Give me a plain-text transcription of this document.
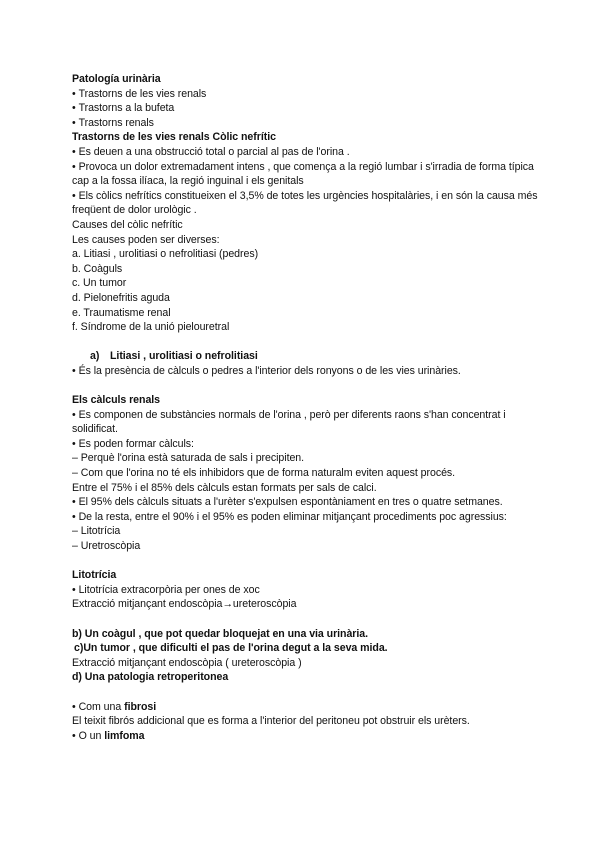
Patología urinària
• Trastorns de les vies renals
• Trastorns a la bufeta
• Trastorns renals
Trastorns de les vies renals Còlic nefrític
• Es deuen a una obstrucció total o parcial al pas de l'orina .
• Provoca un dolor extremadament intens , que comença a la regió lumbar i s'irradia de forma típica cap a la fossa ilíaca, la regió inguinal i els genitals
• Els còlics nefrítics constitueixen el 3,5% de totes les urgències hospitalàries, i en són la causa més freqüent de dolor urològic .
Causes del còlic nefrític
Les causes poden ser diverses:
a. Litiasi , urolitiasi o nefrolitiasi (pedres)
b. Coàguls
c. Un tumor
d. Pielonefritis aguda
e. Traumatisme renal
f. Síndrome de la unió pielouretral
a) Litiasi , urolitiasi o nefrolitiasi
• És la presència de càlculs o pedres a l'interior dels ronyons o de les vies urinàries.
Els càlculs renals
• Es componen de substàncies normals de l'orina , però per diferents raons s'han concentrat i solidificat.
• Es poden formar càlculs:
– Perquè l'orina està saturada de sals i precipiten.
– Com que l'orina no té els inhibidors que de forma naturalm eviten aquest procés.
Entre el 75% i el 85% dels càlculs estan formats per sals de calci.
• El 95% dels càlculs situats a l'urèter s'expulsen espontàniament en tres o quatre setmanes.
• De la resta, entre el 90% i el 95% es poden eliminar mitjançant procediments poc agressius:
– Litotrícia
– Uretroscòpia
Litotrícia
• Litotrícia extracorpòria per ones de xoc
Extracció mitjançant endoscòpia→ureteroscòpia
b) Un coàgul , que pot quedar bloquejat en una via urinària.
c)Un tumor , que dificulti el pas de l'orina degut a la seva mida.
Extracció mitjançant endoscòpia ( ureteroscòpia )
d) Una patologia retroperitonea
• Com una fibrosi
El teixit fibrós addicional que es forma a l'interior del peritoneu pot obstruir els urèters.
• O un limfoma
